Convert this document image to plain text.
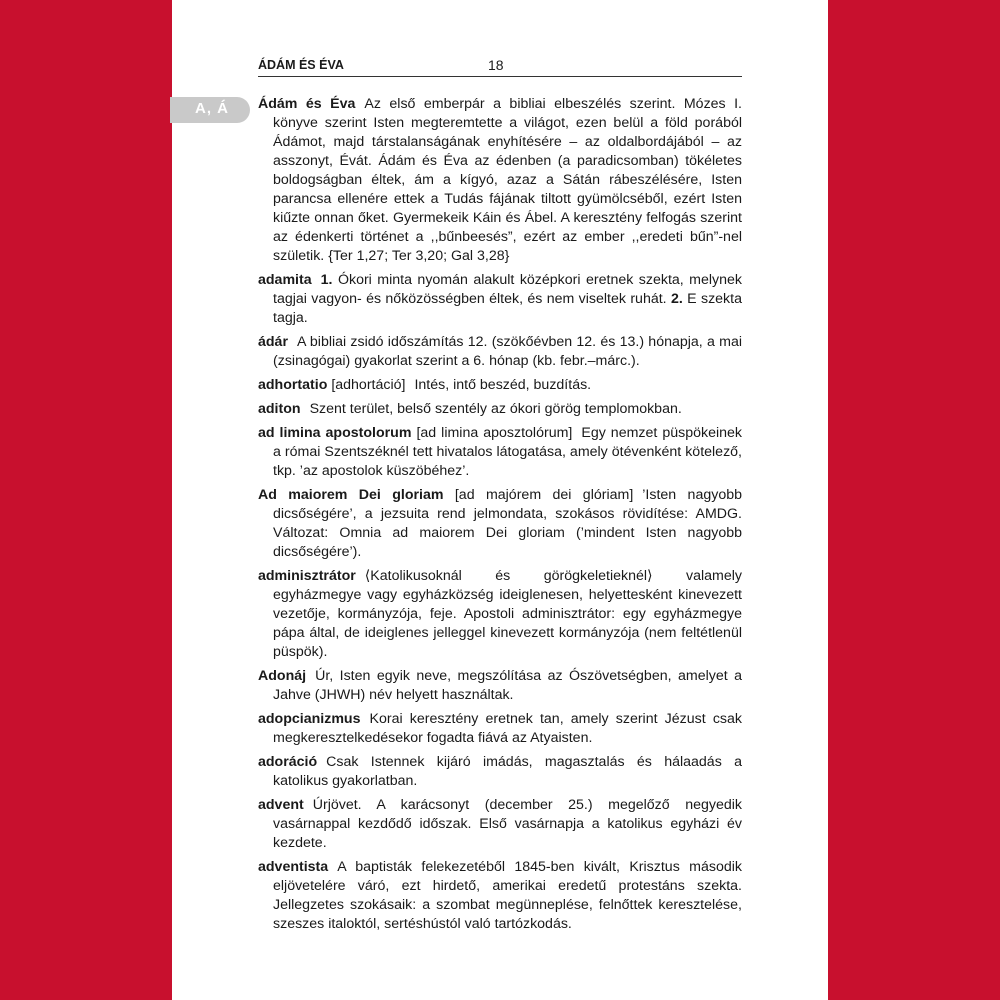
ÁDÁM ÉS ÉVA	18
A, Á Ádám és Éva Az első emberpár a bibliai elbeszélés szerint. Mózes I. könyve szerint Isten megteremtette a világot, ezen belül a föld porából Ádámot, majd társtalanságának enyhítésére – az oldalbordájából – az asszonyt, Évát. Ádám és Éva az édenben (a paradicsomban) tökéletes boldogságban éltek, ám a kígyó, azaz a Sátán rábeszélésére, Isten parancsa ellenére ettek a Tudás fájának tiltott gyümölcséből, ezért Isten kiűzte onnan őket. Gyermekeik Káin és Ábel. A keresztény felfogás szerint az édenkerti történet a ,,bűnbeesés”, ezért az ember ,,eredeti bűn”-nel születik. {Ter 1,27; Ter 3,20; Gal 3,28}

adamita 1. Ókori minta nyomán alakult középkori eretnek szekta, melynek tagjai vagyon- és nőközösségben éltek, és nem viseltek ruhát. 2. E szekta tagja.

ádár A bibliai zsidó időszámítás 12. (szökőévben 12. és 13.) hónapja, a mai (zsinagógai) gyakorlat szerint a 6. hónap (kb. febr.–márc.).

adhortatio [adhortáció] Intés, intő beszéd, buzdítás.

aditon Szent terület, belső szentély az ókori görög templomokban.

ad limina apostolorum [ad limina aposztolórum] Egy nemzet püspökeinek a római Szentszéknél tett hivatalos látogatása, amely ötévenként kötelező, tkp. ’az apostolok küszöbéhez’.

Ad maiorem Dei gloriam [ad majórem dei glóriam] ’Isten nagyobb dicsőségére’, a jezsuita rend jelmondata, szokásos rövidítése: AMDG. Változat: Omnia ad maiorem Dei gloriam (’mindent Isten nagyobb dicsőségére’).

adminisztrátor ⟨Katolikusoknál és görögkeletieknél⟩ valamely egyházmegye vagy egyházközség ideiglenesen, helyettesként kinevezett vezetője, kormányzója, feje. Apostoli adminisztrátor: egy egyházmegye pápa által, de ideiglenes jelleggel kinevezett kormányzója (nem feltétlenül püspök).

Adonáj Úr, Isten egyik neve, megszólítása az Ószövetségben, amelyet a Jahve (JHWH) név helyett használtak.

adopcianizmus Korai keresztény eretnek tan, amely szerint Jézust csak megkeresztelkedésekor fogadta fiává az Atyaisten.

adoráció Csak Istennek kijáró imádás, magasztalás és hálaadás a katolikus gyakorlatban.

advent Úrjövet. A karácsonyt (december 25.) megelőző negyedik vasárnappal kezdődő időszak. Első vasárnapja a katolikus egyházi év kezdete.

adventista A baptisták felekezetéből 1845-ben kivált, Krisztus második eljövetelére váró, ezt hirdető, amerikai eredetű protestáns szekta. Jellegzetes szokásaik: a szombat megünneplése, felnőttek keresztelése, szeszes italoktól, sertéshústól való tartózkodás.
